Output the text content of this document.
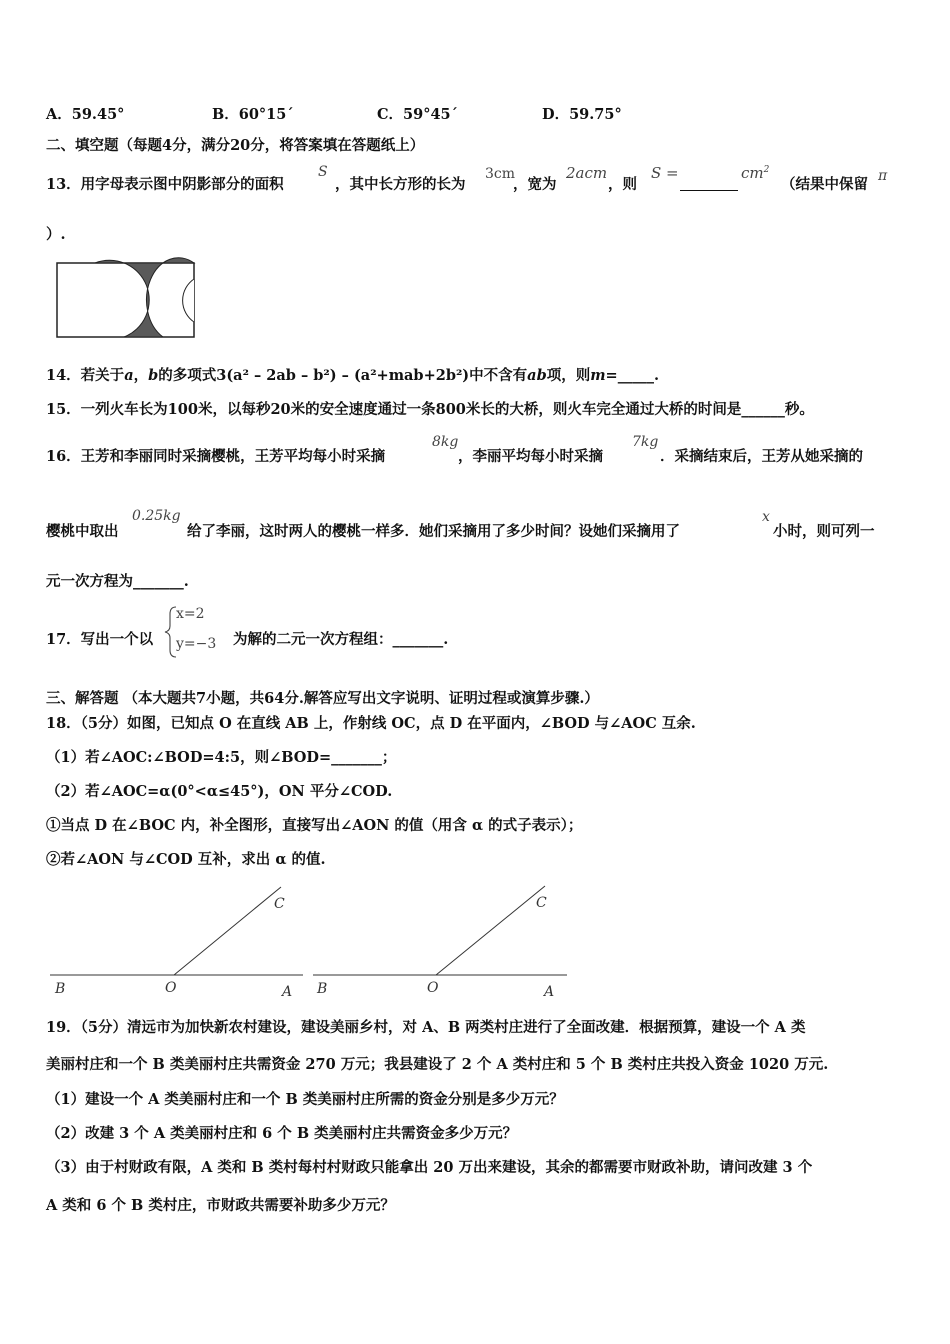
A．59.45°	B．60°15´	C．59°45´	D．59.75°
二、填空题（每题4分，满分20分，将答案填在答题纸上）
13．用字母表示图中阴影部分的面积
S
，其中长方形的长为
3cm
，宽为
2acm
，则
S =	$cm^2$
（结果中保留 π
）.
14．若关于a，b的多项式3(a² – 2ab – b²) – (a²+mab+2b²)中不含有ab项，则m=_____.
15．一列火车长为100米，以每秒20米的安全速度通过一条800米长的大桥，则火车完全通过大桥的时间是______秒。
16．王芳和李丽同时采摘樱桃，王芳平均每小时采摘
8kg
，李丽平均每小时采摘
7kg
．采摘结束后，王芳从她采摘的
樱桃中取出
0.25kg
给了李丽，这时两人的樱桃一样多．她们采摘用了多少时间？设她们采摘用了
x
小时，则可列一
元一次方程为_______.
17．写出一个以
x=2
y=−3 为解的二元一次方程组：_______.
三、解答题 （本大题共7小题，共64分.解答应写出文字说明、证明过程或演算步骤.）
18．（5分）如图，已知点 O 在直线 AB 上，作射线 OC，点 D 在平面内，∠BOD 与∠AOC 互余.
（1）若∠AOC:∠BOD=4:5，则∠BOD=_______；
（2）若∠AOC=α(0°<α≤45°)，ON 平分∠COD.
①当点 D 在∠BOC 内，补全图形，直接写出∠AON 的值（用含 α 的式子表示）；
②若∠AON 与∠COD 互补，求出 α 的值.
C
B	O	A
C
B	O	A
19．（5分）清远市为加快新农村建设，建设美丽乡村，对 A、B 两类村庄进行了全面改建．根据预算，建设一个 A 类
美丽村庄和一个 B 类美丽村庄共需资金 270 万元；我县建设了 2 个 A 类村庄和 5 个 B 类村庄共投入资金 1020 万元.
（1）建设一个 A 类美丽村庄和一个 B 类美丽村庄所需的资金分别是多少万元？
（2）改建 3 个 A 类美丽村庄和 6 个 B 类美丽村庄共需资金多少万元？
（3）由于村财政有限，A 类和 B 类村每村村财政只能拿出 20 万出来建设，其余的都需要市财政补助，请问改建 3 个
A 类和 6 个 B 类村庄，市财政共需要补助多少万元？
